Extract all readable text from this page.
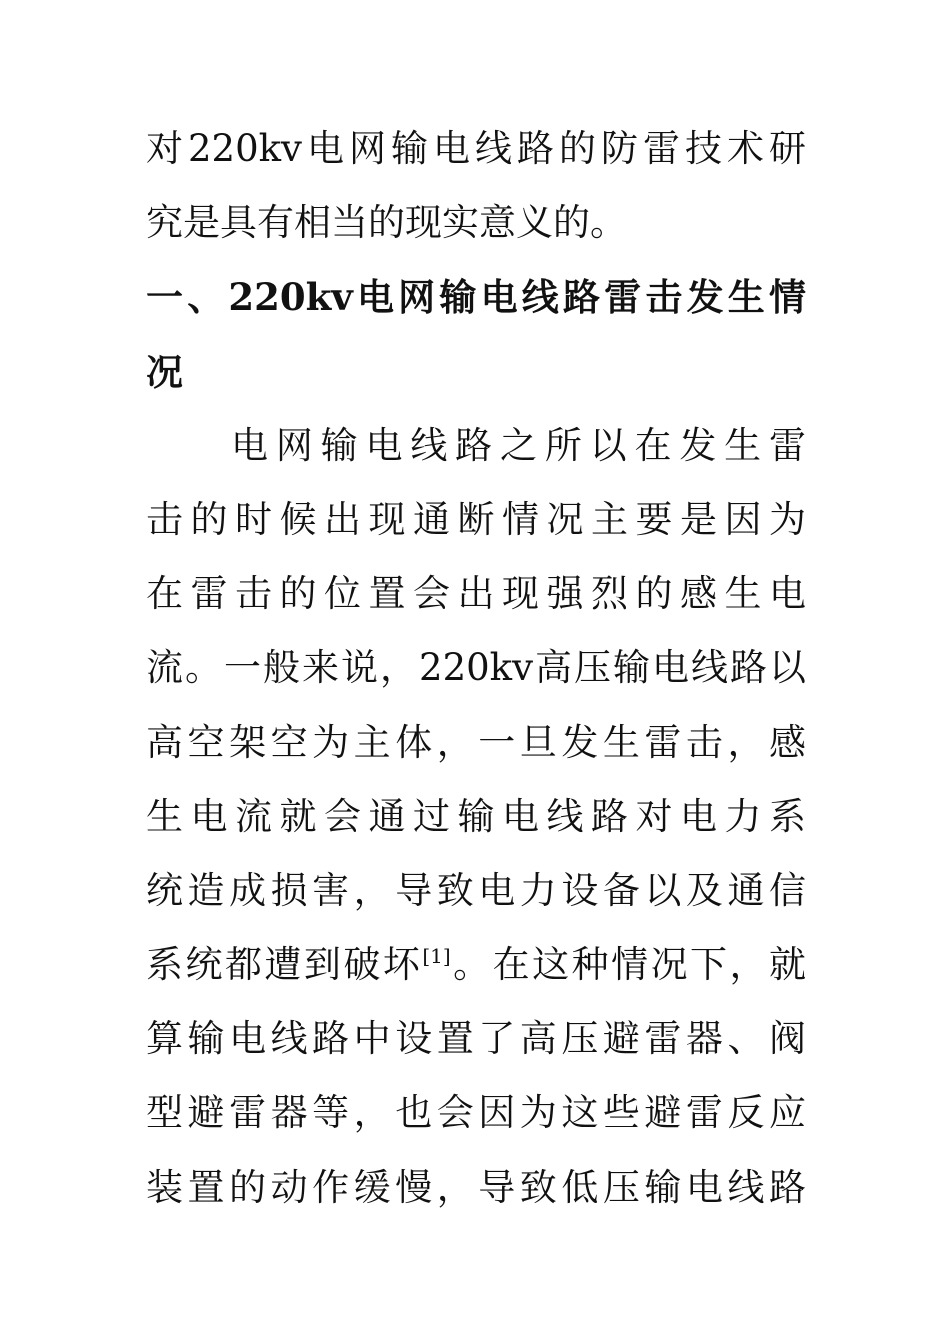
对220kv电网输电线路的防雷技术研
究是具有相当的现实意义的。
一、220kv电网输电线路雷击发生情
况
电网输电线路之所以在发生雷
击的时候出现通断情况主要是因为
在雷击的位置会出现强烈的感生电
流。一般来说，220kv高压输电线路以
高空架空为主体，一旦发生雷击，感
生电流就会通过输电线路对电力系
统造成损害，导致电力设备以及通信
系统都遭到破坏[1]。在这种情况下，就
算输电线路中设置了高压避雷器、阀
型避雷器等，也会因为这些避雷反应
装置的动作缓慢，导致低压输电线路
